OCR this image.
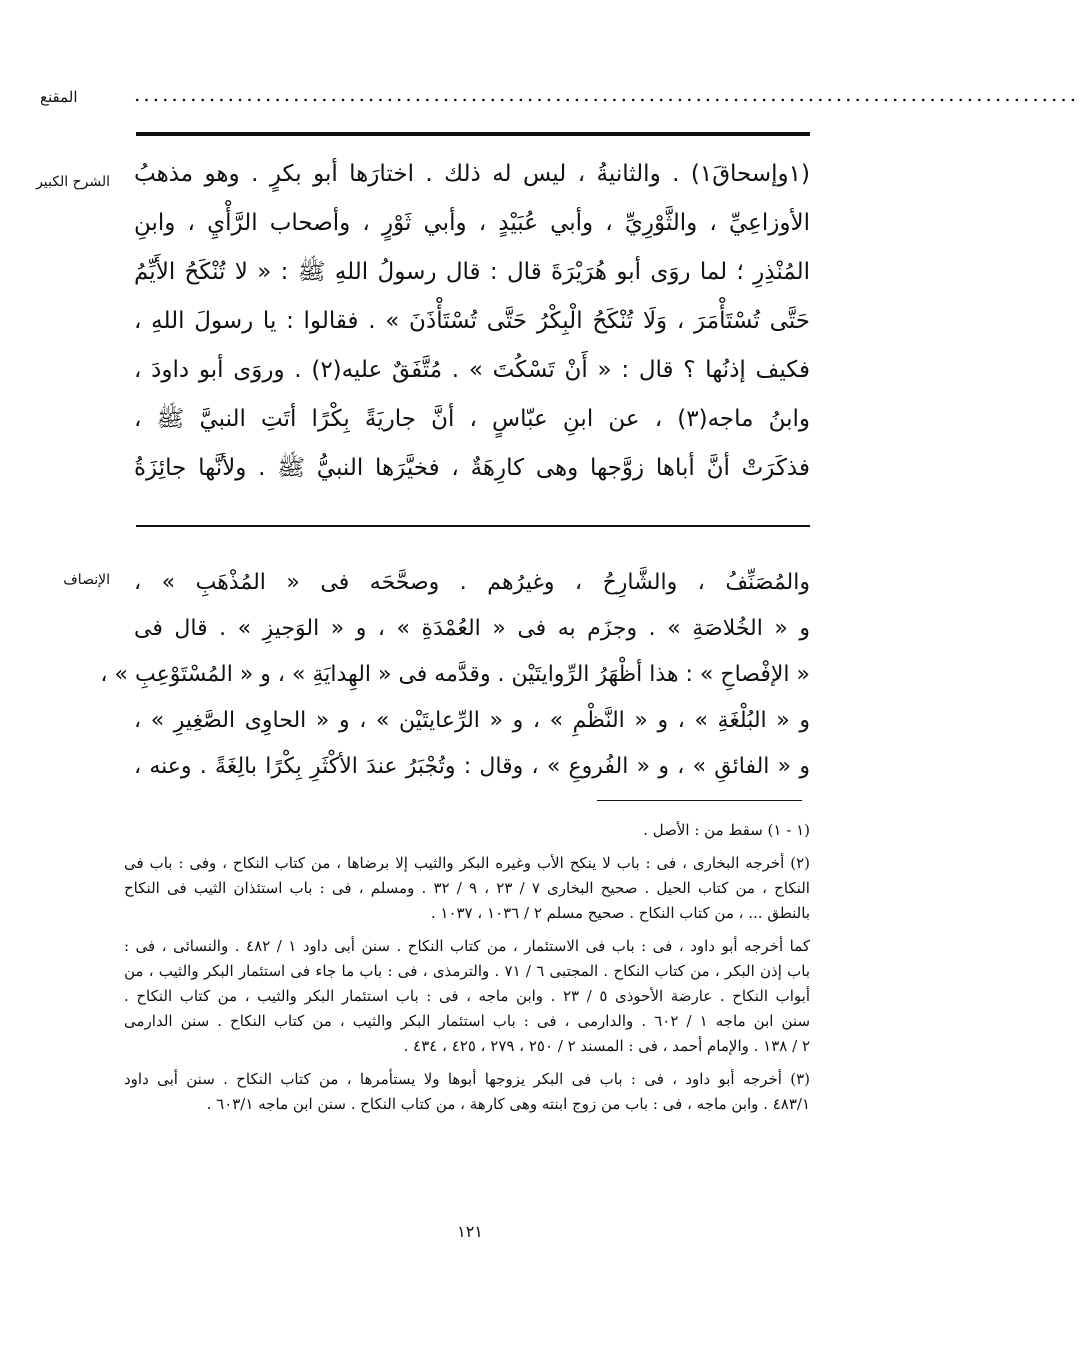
المقنع	.....................................................................................................
الشرح الكبير (١وإسحاقَ١) . والثانيةُ ، ليس له ذلك . اختارَها أبو بكرٍ . وهو مذهبُ
الأوزاعِيِّ ، والثَّوْرِيِّ ، وأبي عُبَيْدٍ ، وأبي ثَوْرٍ ، وأصحاب الرَّأْيِ ، وابنِ
المُنْذِرِ ؛ لما روَى أبو هُرَيْرَةَ قال : قال رسولُ اللهِ ﷺ : « لا تُنْكَحُ الأَيِّمُ
حَتَّى تُسْتَأْمَرَ ، وَلَا تُنْكَحُ الْبِكْرُ حَتَّى تُسْتَأْذَنَ » . فقالوا : يا رسولَ اللهِ ،
فكيف إذنُها ؟ قال : « أَنْ تَسْكُتَ » . مُتَّفَقٌ عليه(٢) . وروَى أبو داودَ ،
وابنُ ماجه(٣) ، عن ابنِ عبّاسٍ ، أنَّ جاريَةً بِكْرًا أتَتِ النبيَّ ﷺ ،
فذكَرَتْ أنَّ أباها زوَّجها وهى كارِهَةٌ ، فخيَّرَها النبيُّ ﷺ . ولأنَّها جائِزَةُ
الإنصاف والمُصَنِّفُ ، والشَّارِحُ ، وغيرُهم . وصحَّحَه فى « المُذْهَبِ » ،
و « الخُلاصَةِ » . وجزَم به فى « العُمْدَةِ » ، و « الوَجيزِ » . قال فى
« الإفْصاحِ » : هذا أظْهَرُ الرِّوايتَيْن . وقدَّمه فى « الهِدايَةِ » ، و « المُسْتَوْعِبِ » ،
و « البُلْغَةِ » ، و « النَّظْمِ » ، و « الرِّعايتَيْن » ، و « الحاوِى الصَّغِيرِ » ،
و « الفائقِ » ، و « الفُروعِ » ، وقال : وتُجْبَرُ عندَ الأكْثَرِ بِكْرًا بالِغَةً . وعنه ،
(١ - ١) سقط من : الأصل .
(٢) أخرجه البخارى ، فى : باب لا ينكح الأب وغيره البكر والثيب إلا برضاها ، من كتاب النكاح ، وفى : باب فى
النكاح ، من كتاب الحيل . صحيح البخارى ٧ / ٢٣ ، ٩ / ٣٢ . ومسلم ، فى : باب استئذان الثيب فى النكاح
بالنطق ... ، من كتاب النكاح . صحيح مسلم ٢ / ١٠٣٦ ، ١٠٣٧ .
كما أخرجه أبو داود ، فى : باب فى الاستئمار ، من كتاب النكاح . سنن أبى داود ١ / ٤٨٢ . والنسائى ، فى :
باب إذن البكر ، من كتاب النكاح . المجتبى ٦ / ٧١ . والترمذى ، فى : باب ما جاء فى استئمار البكر والثيب ، من
أبواب النكاح . عارضة الأحوذى ٥ / ٢٣ . وابن ماجه ، فى : باب استئمار البكر والثيب ، من كتاب النكاح .
سنن ابن ماجه ١ / ٦٠٢ . والدارمى ، فى : باب استئمار البكر والثيب ، من كتاب النكاح . سنن الدارمى
٢ / ١٣٨ . والإمام أحمد ، فى : المسند ٢ / ٢٥٠ ، ٢٧٩ ، ٤٢٥ ، ٤٣٤ .
(٣) أخرجه أبو داود ، فى : باب فى البكر يزوجها أبوها ولا يستأمرها ، من كتاب النكاح . سنن أبى داود
٤٨٣/١ . وابن ماجه ، فى : باب من زوج ابنته وهى كارهة ، من كتاب النكاح . سنن ابن ماجه ٦٠٣/١ .
١٢١
